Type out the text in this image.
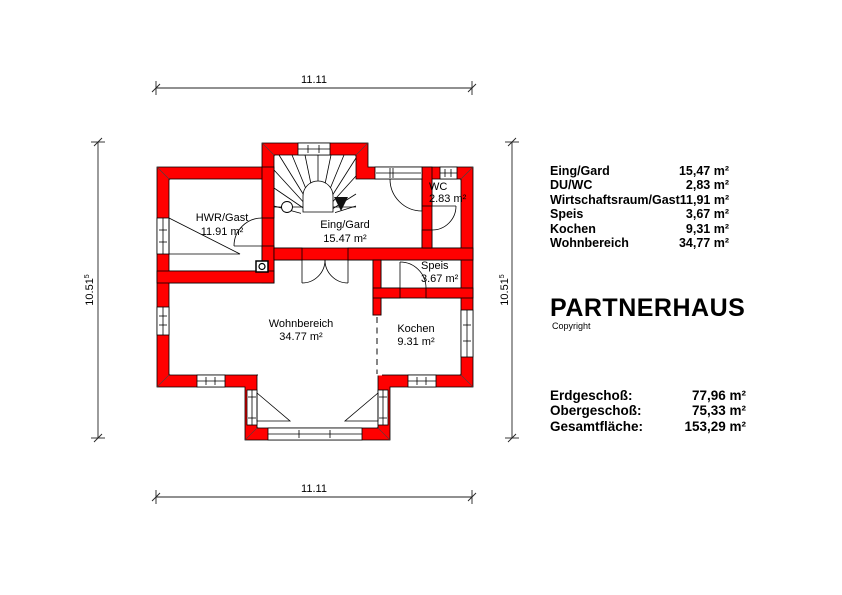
11.11
11.11
10.51$^5$
10.51$^5$
HWR/Gast
11.91 m²
Eing/Gard
15.47 m²
WC
2.83 m²
Speis
3.67 m²
Wohnbereich
34.77 m²
Kochen
9.31 m²
Eing/Gard	15,47 m²
DU/WC	2,83 m²
Wirtschaftsraum/Gast 11,91 m²
Speis	3,67 m²
Kochen	9,31 m²
Wohnbereich	34,77 m²
PARTNERHAUS
Copyright
Erdgeschoß:	77,96 m²
Obergeschoß:	75,33 m²
Gesamtfläche:	153,29 m²
